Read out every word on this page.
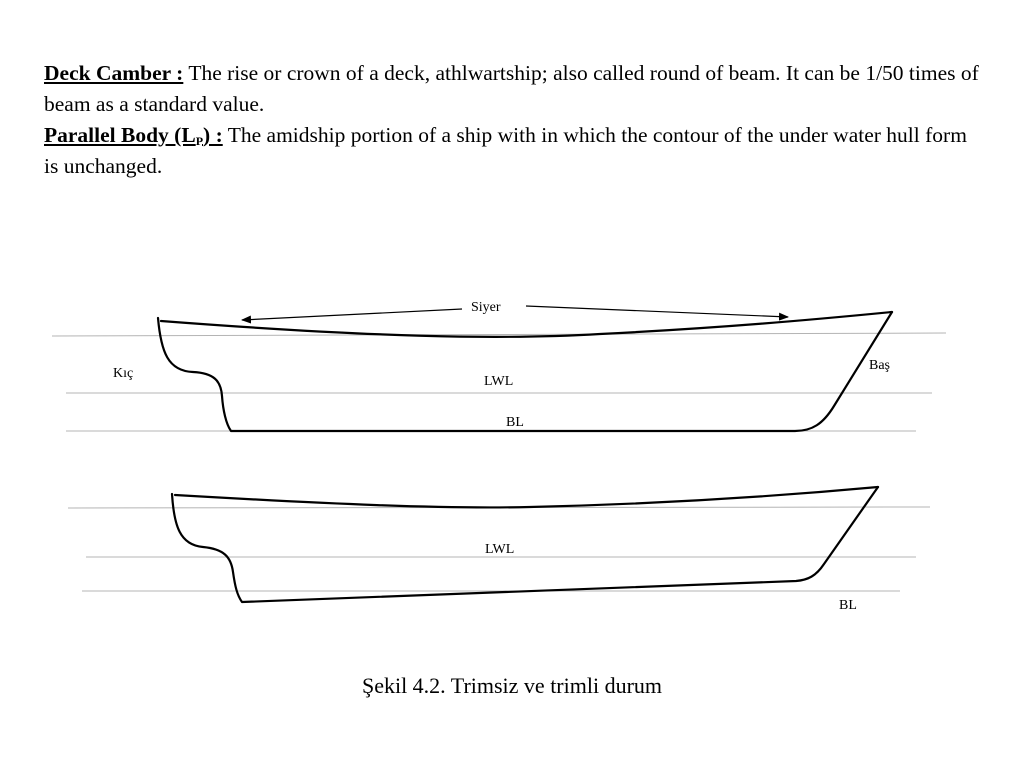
Deck Camber : The rise or crown of a deck, athlwartship; also called round of beam. It can be 1/50 times of beam as a standard value.

Parallel Body $(L_P)$ : The amidship portion of a ship with in which the contour of the under water hull form is unchanged.

Siyer
Kıç
Baş
LWL
BL
LWL
BL
Şekil 4.2. Trimsiz ve trimli durum
